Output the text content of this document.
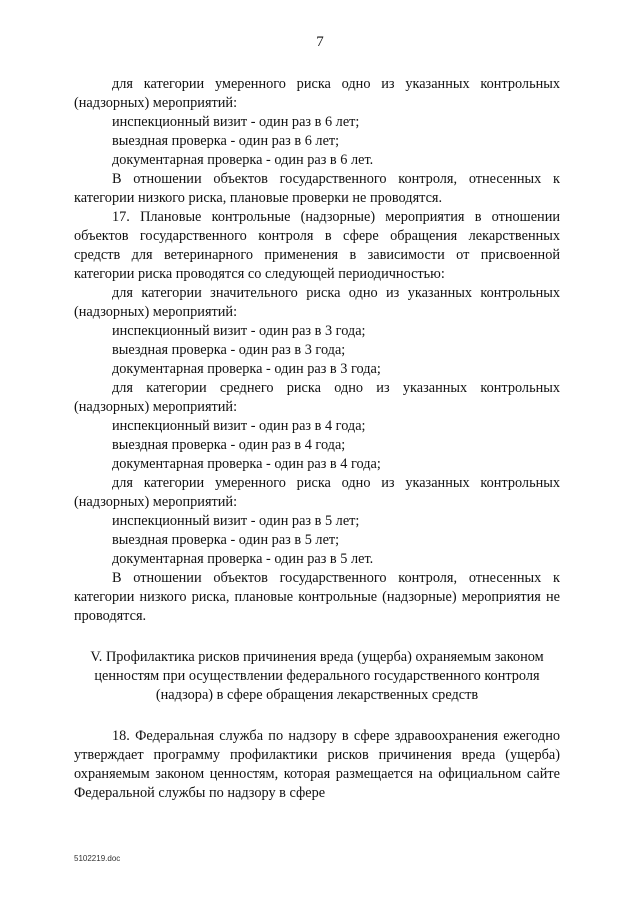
7

для категории умеренного риска одно из указанных контрольных (надзорных) мероприятий:

инспекционный визит - один раз в 6 лет;

выездная проверка - один раз в 6 лет;

документарная проверка - один раз в 6 лет.

В отношении объектов государственного контроля, отнесенных к категории низкого риска, плановые проверки не проводятся.

17. Плановые контрольные (надзорные) мероприятия в отношении объектов государственного контроля в сфере обращения лекарственных средств для ветеринарного применения в зависимости от присвоенной категории риска проводятся со следующей периодичностью:

для категории значительного риска одно из указанных контрольных (надзорных) мероприятий:

инспекционный визит - один раз в 3 года;

выездная проверка - один раз в 3 года;

документарная проверка - один раз в 3 года;

для категории среднего риска одно из указанных контрольных (надзорных) мероприятий:

инспекционный визит - один раз в 4 года;

выездная проверка - один раз в 4 года;

документарная проверка - один раз в 4 года;

для категории умеренного риска одно из указанных контрольных (надзорных) мероприятий:

инспекционный визит - один раз в 5 лет;

выездная проверка - один раз в 5 лет;

документарная проверка - один раз в 5 лет.

В отношении объектов государственного контроля, отнесенных к категории низкого риска, плановые контрольные (надзорные) мероприятия не проводятся.

V. Профилактика рисков причинения вреда (ущерба) охраняемым законом ценностям при осуществлении федерального государственного контроля (надзора) в сфере обращения лекарственных средств

18. Федеральная служба по надзору в сфере здравоохранения ежегодно утверждает программу профилактики рисков причинения вреда (ущерба) охраняемым законом ценностям, которая размещается на официальном сайте Федеральной службы по надзору в сфере

5102219.doc
